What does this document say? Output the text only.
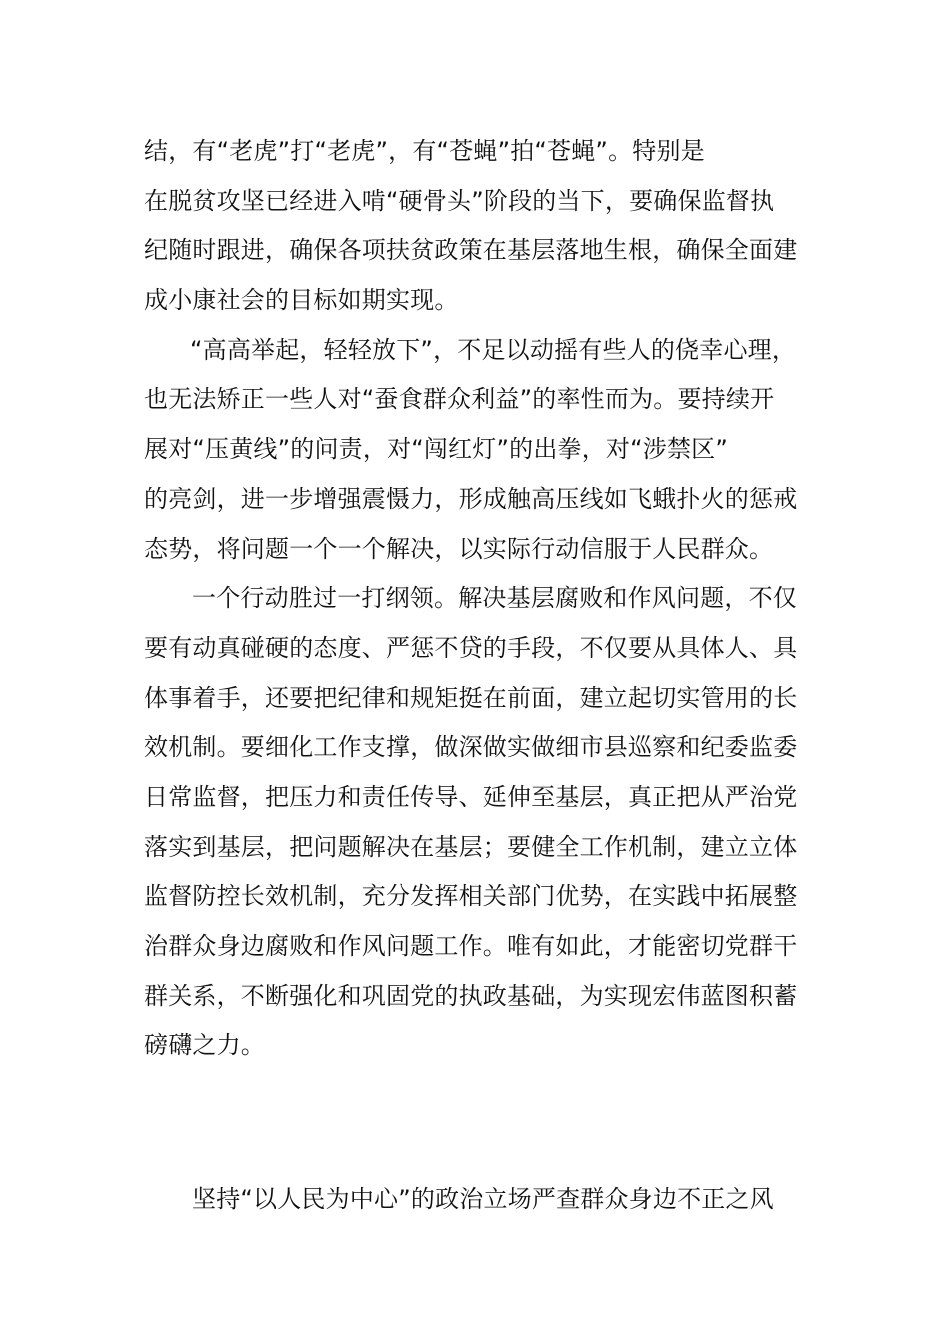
结，有“老虎”打“老虎”，有“苍蝇”拍“苍蝇”。特别是
在脱贫攻坚已经进入啃“硬骨头”阶段的当下，要确保监督执
纪随时跟进，确保各项扶贫政策在基层落地生根，确保全面建
成小康社会的目标如期实现。
“高高举起，轻轻放下”，不足以动摇有些人的侥幸心理，
也无法矫正一些人对“蚕食群众利益”的率性而为。要持续开
展对“压黄线”的问责，对“闯红灯”的出拳，对“涉禁区”
的亮剑，进一步增强震慑力，形成触高压线如飞蛾扑火的惩戒
态势，将问题一个一个解决，以实际行动信服于人民群众。
一个行动胜过一打纲领。解决基层腐败和作风问题，不仅
要有动真碰硬的态度、严惩不贷的手段，不仅要从具体人、具
体事着手，还要把纪律和规矩挺在前面，建立起切实管用的长
效机制。要细化工作支撑，做深做实做细市县巡察和纪委监委
日常监督，把压力和责任传导、延伸至基层，真正把从严治党
落实到基层，把问题解决在基层；要健全工作机制，建立立体
监督防控长效机制，充分发挥相关部门优势，在实践中拓展整
治群众身边腐败和作风问题工作。唯有如此，才能密切党群干
群关系，不断强化和巩固党的执政基础，为实现宏伟蓝图积蓄
磅礴之力。
坚持“以人民为中心”的政治立场严查群众身边不正之风
